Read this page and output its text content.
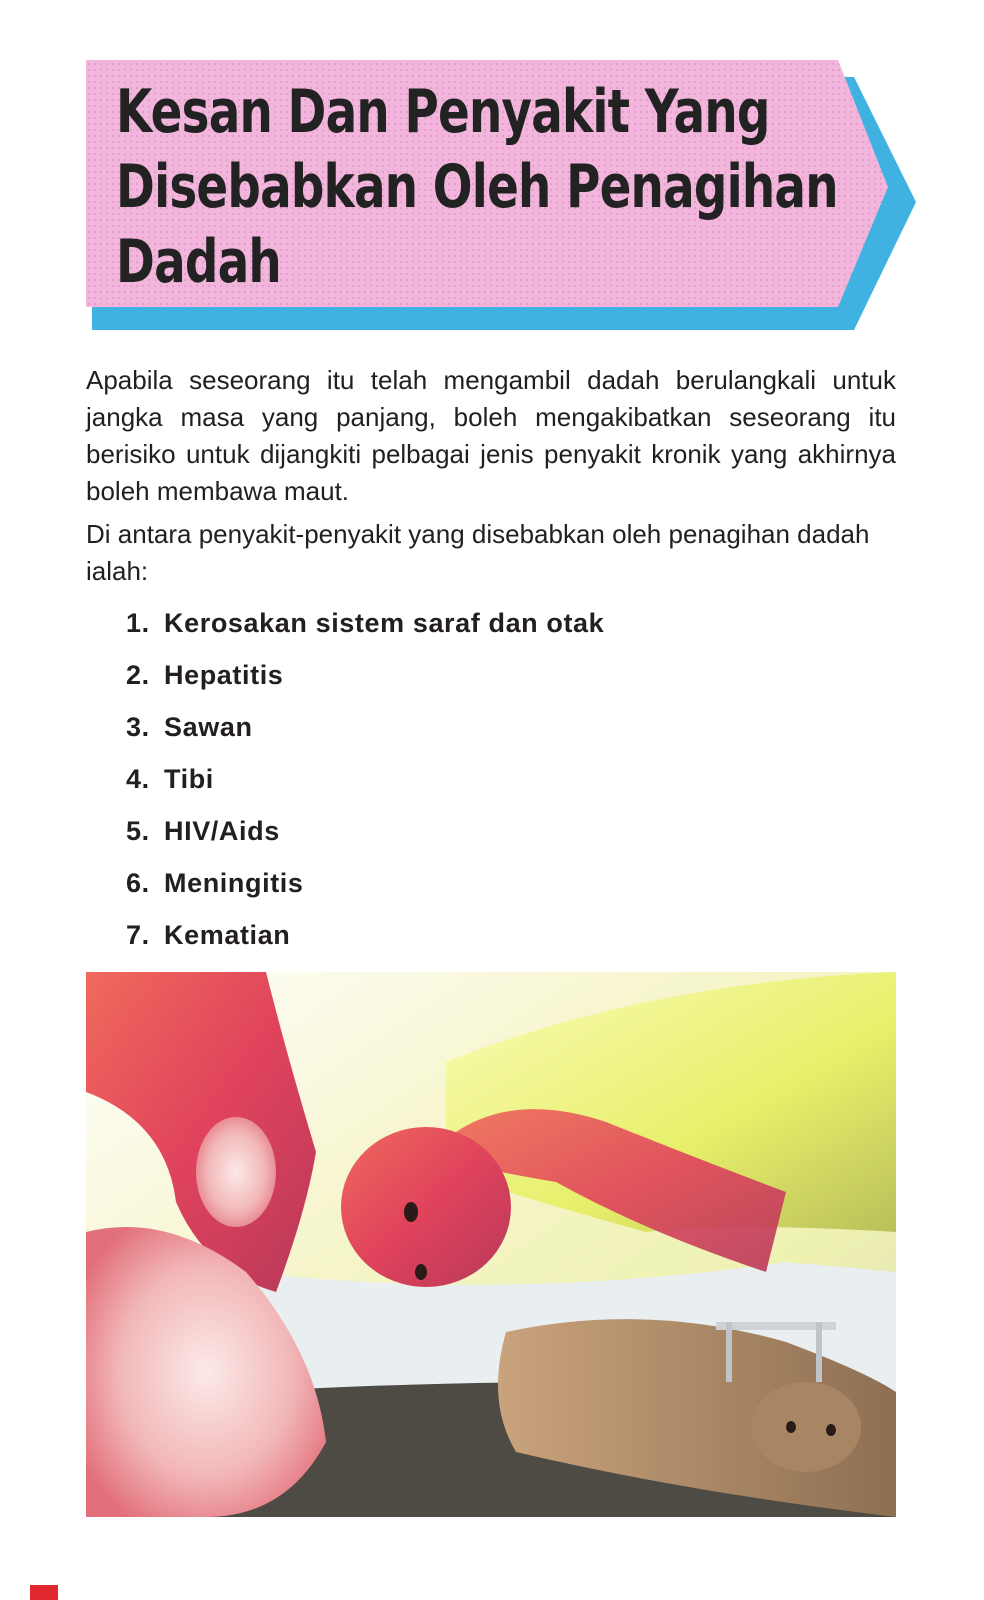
Kesan Dan Penyakit Yang
Disebabkan Oleh Penagihan
Dadah

Apabila seseorang itu telah mengambil dadah berulangkali untuk jangka masa yang panjang, boleh mengakibatkan seseorang itu berisiko untuk dijangkiti pelbagai jenis penyakit kronik yang akhirnya boleh membawa maut.

Di antara penyakit-penyakit yang disebabkan oleh penagihan dadah ialah:

1. Kerosakan sistem saraf dan otak
2. Hepatitis
3. Sawan
4. Tibi
5. HIV/Aids
6. Meningitis
7. Kematian
